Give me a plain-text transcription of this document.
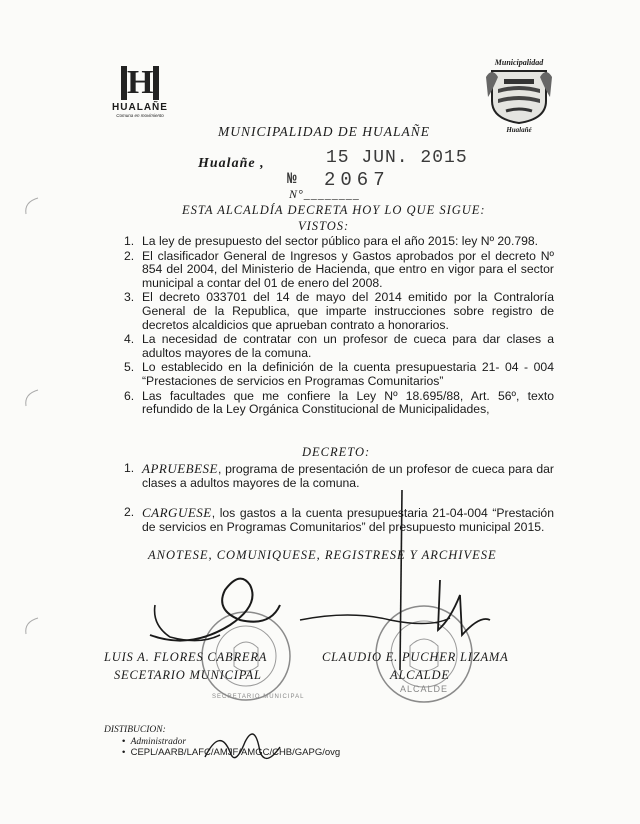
H
HUALAÑE
Comuna en movimiento
Municipalidad
Hualañé
MUNICIPALIDAD DE HUALAÑE
Hualañe ,	15 JUN. 2015
№ 2067
N°________
ESTA ALCALDÍA DECRETA HOY LO QUE SIGUE:
VISTOS:
1. La ley de presupuesto del sector público para el año 2015: ley Nº 20.798.
2. El clasificador General de Ingresos y Gastos aprobados por el decreto Nº 854 del 2004, del Ministerio de Hacienda, que entro en vigor para el sector municipal a contar del 01 de enero del 2008.
3. El decreto 033701 del 14 de mayo del 2014 emitido por la Contraloría General de la Republica, que imparte instrucciones sobre registro de decretos alcaldicios que aprueban contrato a honorarios.
4. La necesidad de contratar con un profesor de cueca para dar clases a adultos mayores de la comuna.
5. Lo establecido en la definición de la cuenta presupuestaria 21- 04 - 004 “Prestaciones de servicios en Programas Comunitarios”
6. Las facultades que me confiere la Ley Nº 18.695/88, Art. 56º, texto refundido de la Ley Orgánica Constitucional de Municipalidades,
DECRETO:
1. APRUEBESE, programa de presentación de un profesor de cueca para dar clases a adultos mayores de la comuna.
2. CARGUESE, los gastos a la cuenta presupuestaria 21-04-004 “Prestación de servicios en Programas Comunitarios” del presupuesto municipal 2015.
ANOTESE, COMUNIQUESE, REGISTRESE Y ARCHIVESE
SECRETARIO MUNICIPAL
ALCALDE
LUIS A. FLORES CABRERA
SECETARIO MUNICIPAL
CLAUDIO E. PUCHER LIZAMA
ALCALDE
DISTIBUCION:
•  Administrador
•  CEPL/AARB/LAFC/AMJF/AMGC/CHB/GAPG/ovg
